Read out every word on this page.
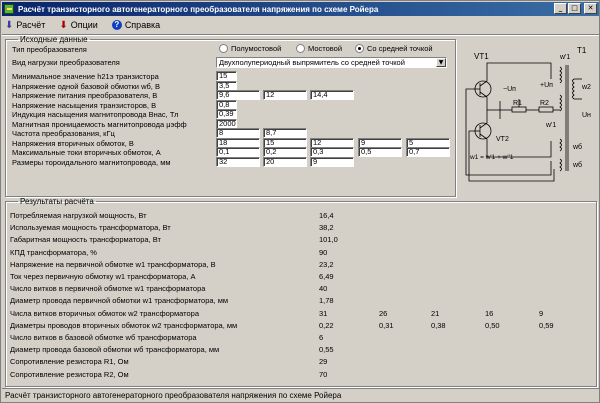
Расчёт транзисторного автогенераторного преобразователя напряжения по схеме Ройера	_	□	✕
⬇ Расчёт ⬇ Опции	? Справка
Исходные данные
Тип преобразователя	Полумостовой	Мостовой	Со средней точкой
Вид нагрузки преобразователя	Двухполупериодный выпрямитель со средней точкой	▼
Минимальное значение h21э транзистора	15
Напряжение одной базовой обмотки wб, В	3,5
Напряжение питания преобразователя, В	9,6	12	14,4
Напряжение насыщения транзисторов, В	0,8
Индукция насыщения магнитопровода Внас, Тл	0,39
Магнитная проницаемость магнитопровода μэфф	2000
Частота преобразования, кГц	8	8,7
Напряжения вторичных обмоток, В	18	15	12	9	5
Максимальные токи вторичных обмоток, А	0,1	0,2	0,3	0,5	0,7
Размеры тороидального магнитопровода, мм	32	20	9
VT1
VT2
R1	R2
T1
w'1
w'1
w2
Uн
−Uп
+Uп
wб
wб
w1 = w'1 + w''1
Результаты расчёта
Потребляемая нагрузкой мощность, Вт	16,4
Используемая мощность трансформатора, Вт	38,2
Габаритная мощность трансформатора, Вт	101,0
КПД трансформатора, %	90
Напряжение на первичной обмотке w1 трансформатора, В	23,2
Ток через первичную обмотку w1 трансформатора, А	6,49
Число витков в первичной обмотке w1 трансформатора	40
Диаметр провода первичной обмотки w1 трансформатора, мм	1,78
Числа витков вторичных обмоток w2 трансформатора	31	26	21	16	9
Диаметры проводов вторичных обмоток w2 трансформатора, мм	0,22	0,31	0,38	0,50	0,59
Число витков в базовой обмотке wб трансформатора	6
Диаметр провода базовой обмотки wб трансформатора, мм	0,55
Сопротивление резистора R1, Ом	29
Сопротивление резистора R2, Ом	70
Расчёт транзисторного автогенераторного преобразователя напряжения по схеме Ройера
